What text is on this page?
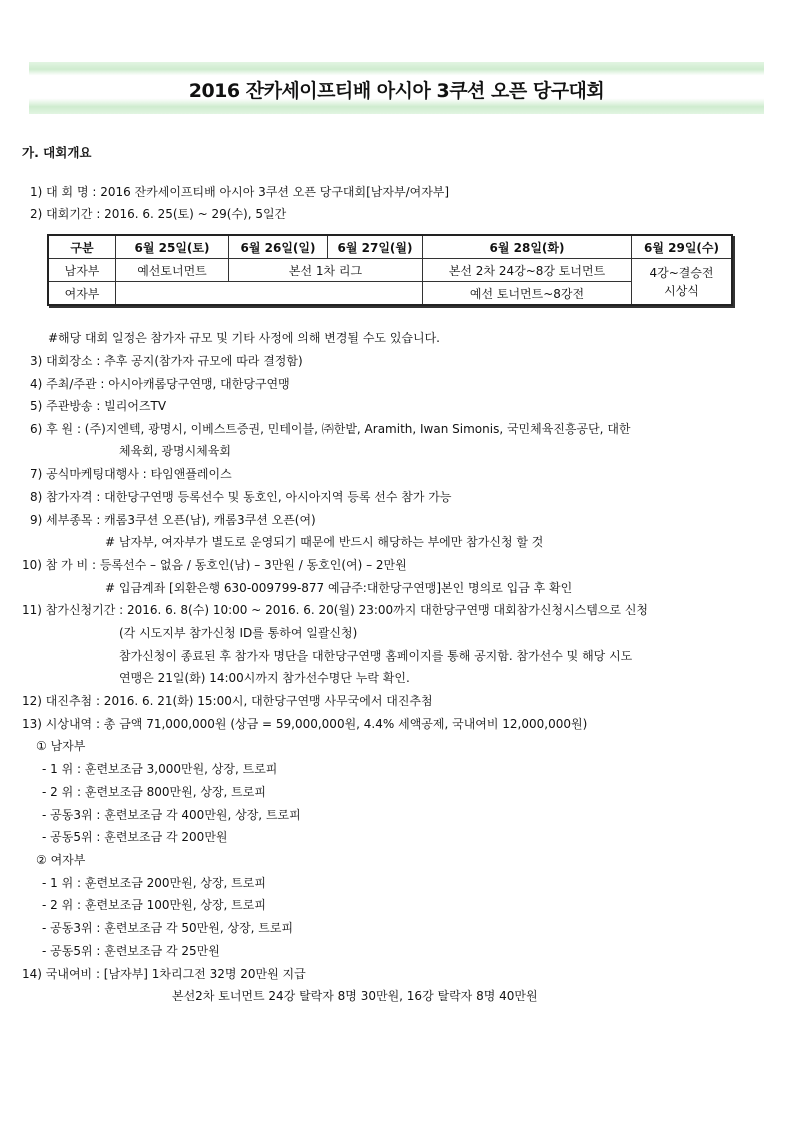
2016 잔카세이프티배 아시아 3쿠션 오픈 당구대회
가. 대회개요
1) 대 회 명 : 2016 잔카세이프티배 아시아 3쿠션 오픈 당구대회[남자부/여자부]
2) 대회기간 : 2016. 6. 25(토) ~ 29(수), 5일간
구분	6월 25일(토)	6월 26일(일)	6월 27일(월)	6월 28일(화)	6월 29일(수)
남자부	예선토너먼트	본선 1차 리그		본선 2차 24강~8강 토너먼트	4강~결승전
시상식

여자부				예선 토너먼트~8강전	
#해당 대회 일정은 참가자 규모 및 기타 사정에 의해 변경될 수도 있습니다.
3) 대회장소 : 추후 공지(참가자 규모에 따라 결정함)
4) 주최/주관 : 아시아캐롬당구연맹, 대한당구연맹
5) 주관방송 : 빌리어즈TV
6) 후 원 : (주)지엔텍, 광명시, 이베스트증권, 민테이블, ㈜한밭, Aramith, Iwan Simonis, 국민체육진흥공단, 대한
체육회, 광명시체육회
7) 공식마케팅대행사 : 타임앤플레이스
8) 참가자격 : 대한당구연맹 등록선수 및 동호인, 아시아지역 등록 선수 참가 가능
9) 세부종목 : 캐롬3쿠션 오픈(남), 캐롬3쿠션 오픈(여)
# 남자부, 여자부가 별도로 운영되기 때문에 반드시 해당하는 부에만 참가신청 할 것
10) 참 가 비 : 등록선수 – 없음 / 동호인(남) – 3만원 / 동호인(여) – 2만원
# 입금계좌 [외환은행 630-009799-877 예금주:대한당구연맹]본인 명의로 입금 후 확인
11) 참가신청기간 : 2016. 6. 8(수) 10:00 ~ 2016. 6. 20(월) 23:00까지 대한당구연맹 대회참가신청시스템으로 신청
(각 시도지부 참가신청 ID를 통하여 일괄신청)
참가신청이 종료된 후 참가자 명단을 대한당구연맹 홈페이지를 통해 공지함. 참가선수 및 해당 시도
연맹은 21일(화) 14:00시까지 참가선수명단 누락 확인.
12) 대진추첨 : 2016. 6. 21(화) 15:00시, 대한당구연맹 사무국에서 대진추첨
13) 시상내역 : 총 금액 71,000,000원 (상금 = 59,000,000원, 4.4% 세액공제, 국내여비 12,000,000원)
① 남자부
- 1 위 : 훈련보조금 3,000만원, 상장, 트로피
- 2 위 : 훈련보조금 800만원, 상장, 트로피
- 공동3위 : 훈련보조금 각 400만원, 상장, 트로피
- 공동5위 : 훈련보조금 각 200만원
② 여자부
- 1 위 : 훈련보조금 200만원, 상장, 트로피
- 2 위 : 훈련보조금 100만원, 상장, 트로피
- 공동3위 : 훈련보조금 각 50만원, 상장, 트로피
- 공동5위 : 훈련보조금 각 25만원
14) 국내여비 : [남자부] 1차리그전 32명 20만원 지급
본선2차 토너먼트 24강 탈락자 8명 30만원, 16강 탈락자 8명 40만원
